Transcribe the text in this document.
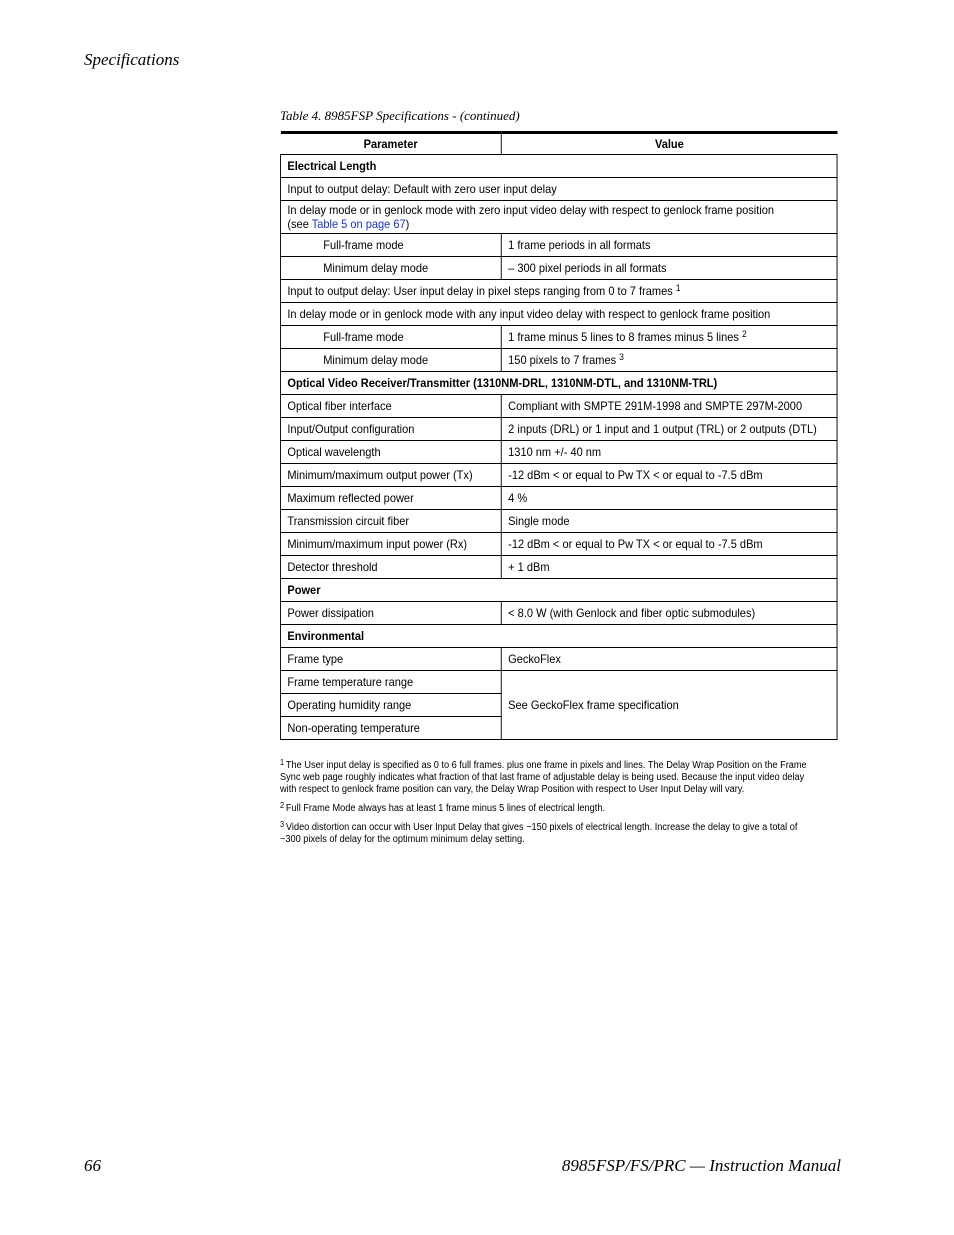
Specifications
Table 4. 8985FSP Specifications - (continued)
Parameter	Value
Electrical Length	
Input to output delay: Default with zero user input delay	
In delay mode or in genlock mode with zero input video delay with respect to genlock frame position
(see Table 5 on page 67)	
Full-frame mode	1 frame periods in all formats
Minimum delay mode	– 300 pixel periods in all formats
Input to output delay: User input delay in pixel steps ranging from 0 to 7 frames $^1$
In delay mode or in genlock mode with any input video delay with respect to genlock frame position	
Full-frame mode	1 frame minus 5 lines to 8 frames minus 5 lines $^2$
Minimum delay mode	150 pixels to 7 frames $^3$
Optical Video Receiver/Transmitter (1310NM-DRL, 1310NM-DTL, and 1310NM-TRL)	
Optical fiber interface	Compliant with SMPTE 291M-1998 and SMPTE 297M-2000
Input/Output configuration	2 inputs (DRL) or 1 input and 1 output (TRL) or 2 outputs (DTL)
Optical wavelength	1310 nm +/- 40 nm
Minimum/maximum output power (Tx)	-12 dBm < or equal to Pw TX < or equal to -7.5 dBm
Maximum reflected power	4 %
Transmission circuit fiber	Single mode
Minimum/maximum input power (Rx)	-12 dBm < or equal to Pw TX < or equal to -7.5 dBm
Detector threshold	+ 1 dBm
Power	
Power dissipation	< 8.0 W (with Genlock and fiber optic submodules)
Environmental	
Frame type	GeckoFlex
Frame temperature range	See GeckoFlex frame specification
Operating humidity range	
Non-operating temperature	

$^1$ The User input delay is specified as 0 to 6 full frames. plus one frame in pixels and lines. The Delay Wrap Position on the Frame Sync web page roughly indicates what fraction of that last frame of adjustable delay is being used. Because the input video delay with respect to genlock frame position can vary, the Delay Wrap Position with respect to User Input Delay will vary.

$^2$ Full Frame Mode always has at least 1 frame minus 5 lines of electrical length.

$^3$ Video distortion can occur with User Input Delay that gives ~150 pixels of electrical length. Increase the delay to give a total of ~300 pixels of delay for the optimum minimum delay setting.

66	8985FSP/FS/PRC — Instruction Manual
